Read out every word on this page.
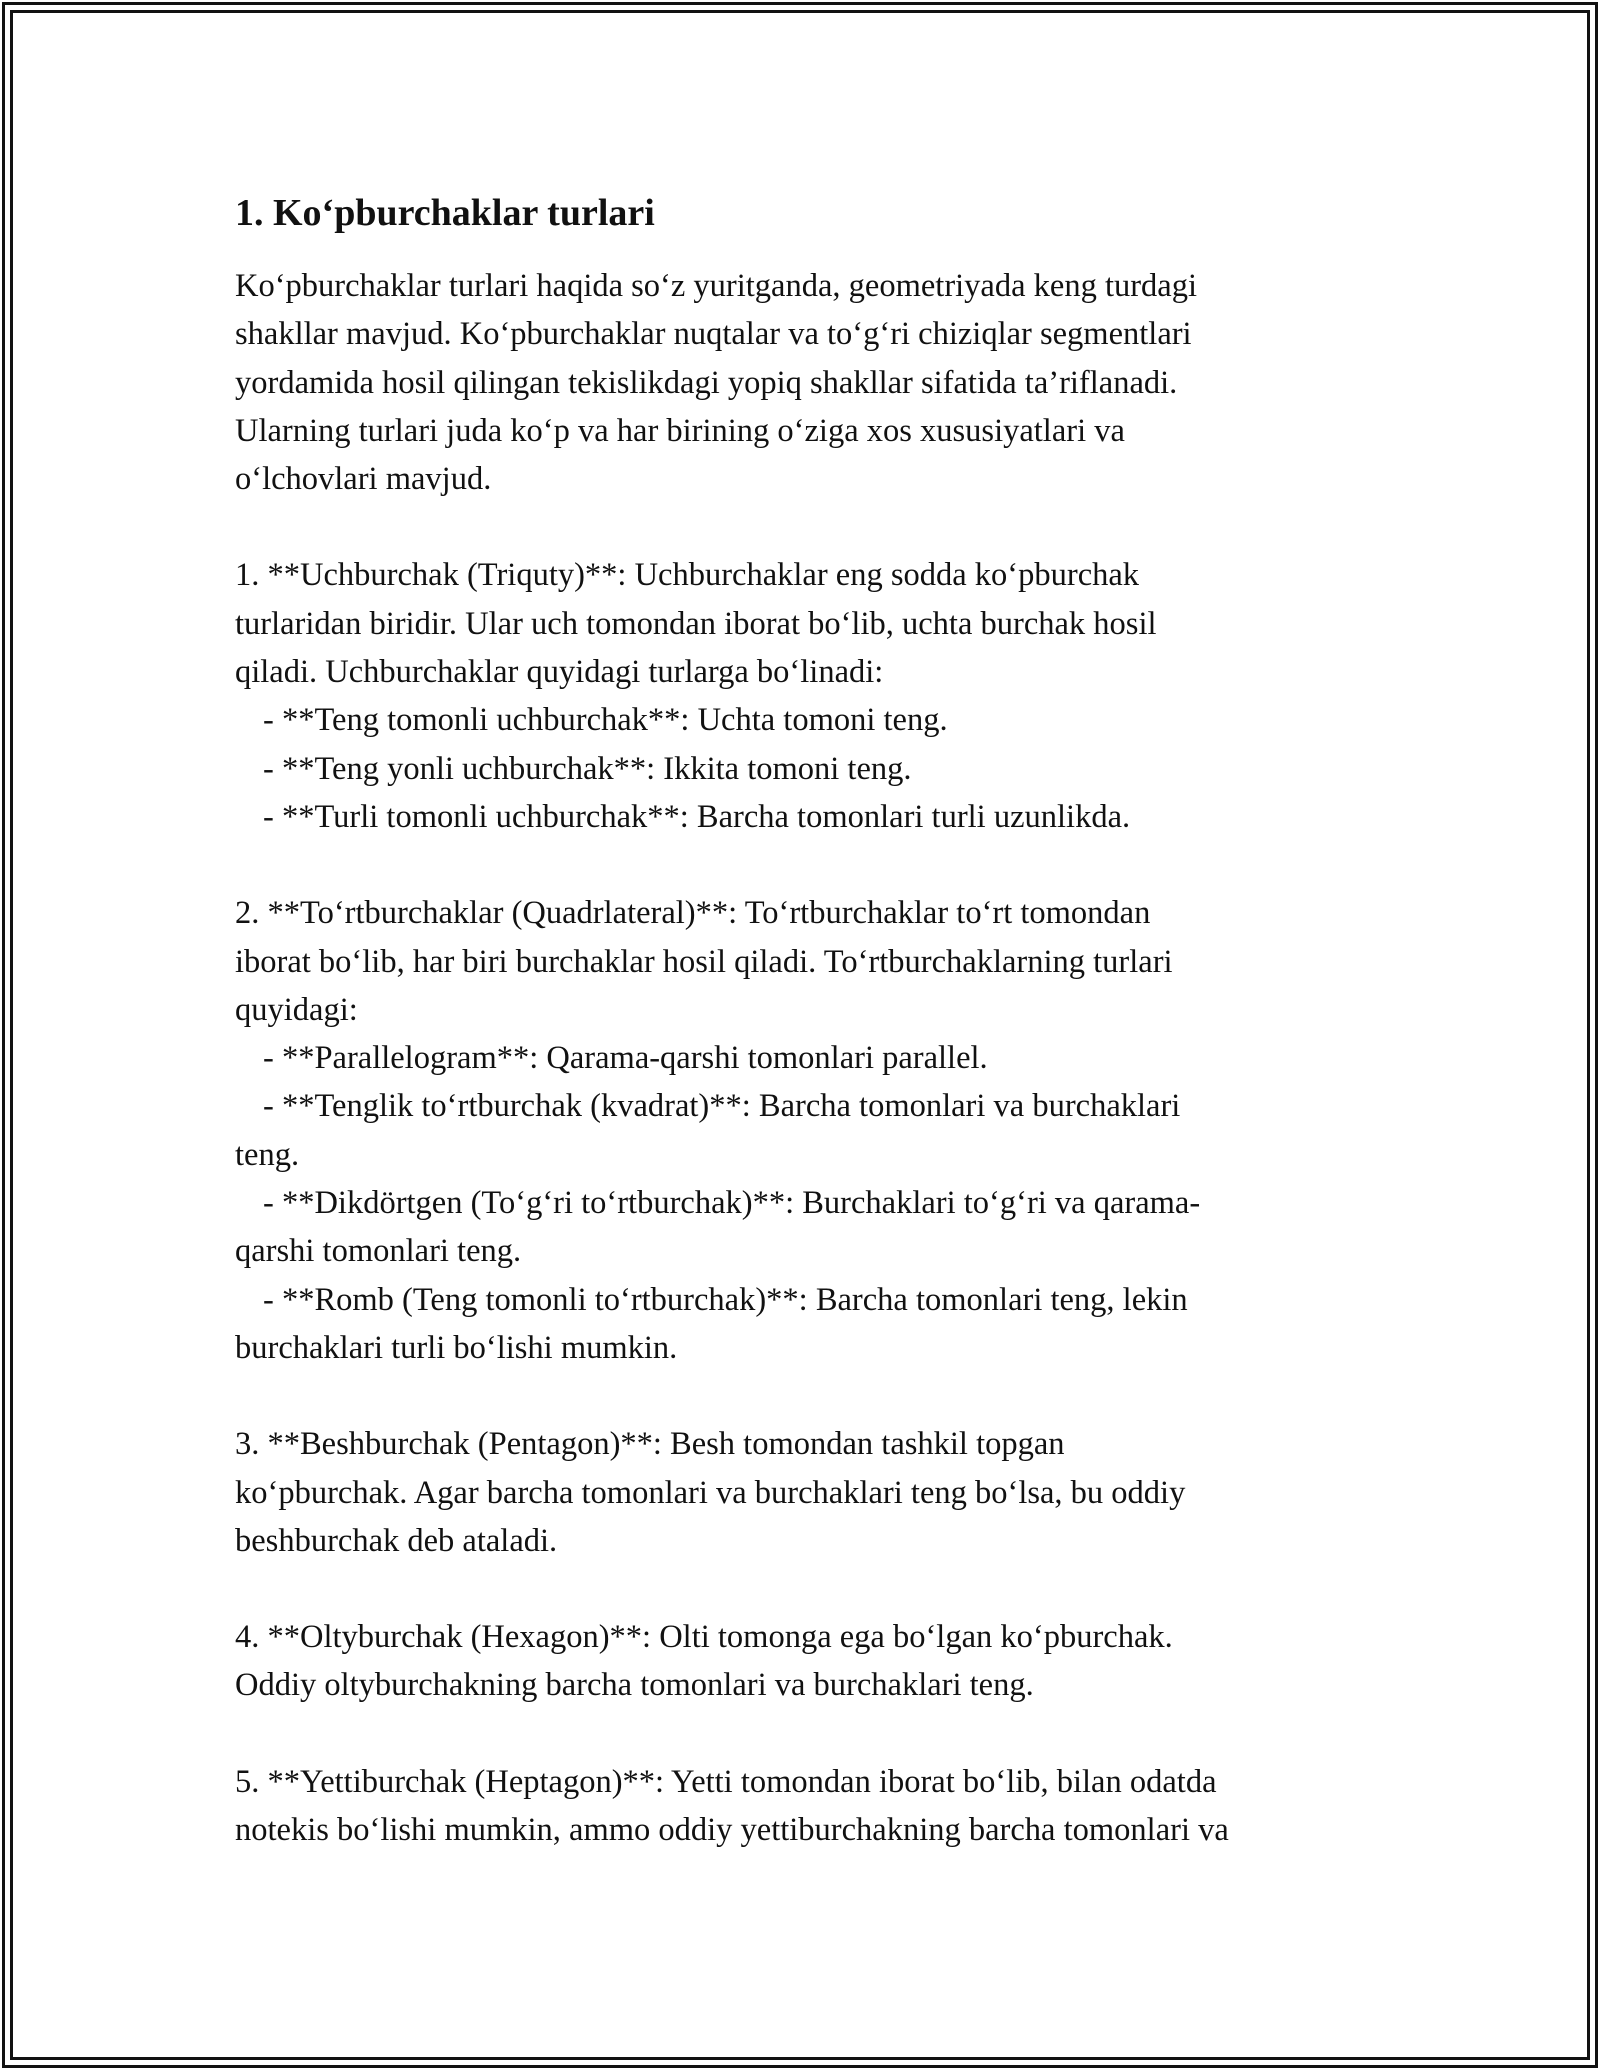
1. Ko‘pburchaklar turlari

Ko‘pburchaklar turlari haqida so‘z yuritganda, geometriyada keng turdagi
shakllar mavjud. Ko‘pburchaklar nuqtalar va to‘g‘ri chiziqlar segmentlari
yordamida hosil qilingan tekislikdagi yopiq shakllar sifatida ta’riflanadi.
Ularning turlari juda ko‘p va har birining o‘ziga xos xususiyatlari va
o‘lchovlari mavjud.

1. **Uchburchak (Triquty)**: Uchburchaklar eng sodda ko‘pburchak
turlaridan biridir. Ular uch tomondan iborat bo‘lib, uchta burchak hosil
qiladi. Uchburchaklar quyidagi turlarga bo‘linadi:
- **Teng tomonli uchburchak**: Uchta tomoni teng.
- **Teng yonli uchburchak**: Ikkita tomoni teng.
- **Turli tomonli uchburchak**: Barcha tomonlari turli uzunlikda.

2. **To‘rtburchaklar (Quadrlateral)**: To‘rtburchaklar to‘rt tomondan
iborat bo‘lib, har biri burchaklar hosil qiladi. To‘rtburchaklarning turlari
quyidagi:
- **Parallelogram**: Qarama-qarshi tomonlari parallel.
- **Tenglik to‘rtburchak (kvadrat)**: Barcha tomonlari va burchaklari
teng.
- **Dikdörtgen (To‘g‘ri to‘rtburchak)**: Burchaklari to‘g‘ri va qarama-
qarshi tomonlari teng.
- **Romb (Teng tomonli to‘rtburchak)**: Barcha tomonlari teng, lekin
burchaklari turli bo‘lishi mumkin.

3. **Beshburchak (Pentagon)**: Besh tomondan tashkil topgan
ko‘pburchak. Agar barcha tomonlari va burchaklari teng bo‘lsa, bu oddiy
beshburchak deb ataladi.

4. **Oltyburchak (Hexagon)**: Olti tomonga ega bo‘lgan ko‘pburchak.
Oddiy oltyburchakning barcha tomonlari va burchaklari teng.

5. **Yettiburchak (Heptagon)**: Yetti tomondan iborat bo‘lib, bilan odatda
notekis bo‘lishi mumkin, ammo oddiy yettiburchakning barcha tomonlari va
